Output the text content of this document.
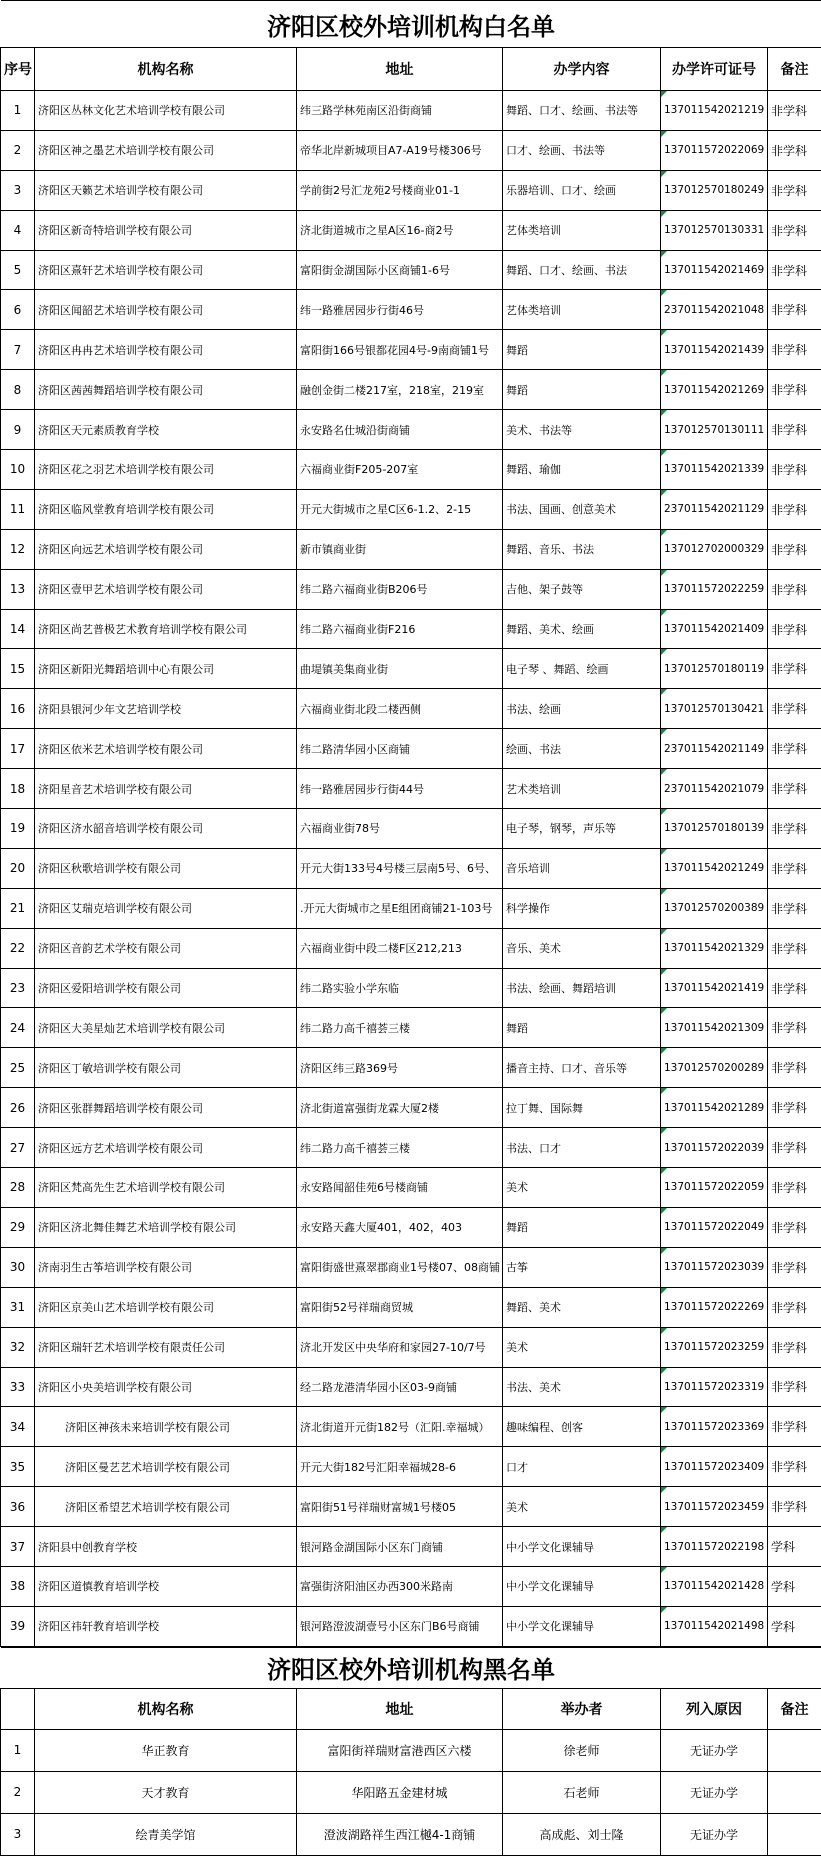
济阳区校外培训机构白名单					
序号	机构名称	地址	办学内容	办学许可证号	备注
1	济阳区丛林文化艺术培训学校有限公司	纬三路学林苑南区沿街商铺	舞蹈、口才、绘画、书法等	137011542021219	非学科
2	济阳区神之墨艺术培训学校有限公司	帝华北岸新城项目A7-A19号楼306号	口才、绘画、书法等	137011572022069	非学科
3	济阳区天籁艺术培训学校有限公司	学前街2号汇龙苑2号楼商业01-1	乐器培训、口才、绘画	137012570180249	非学科
4	济阳区新奇特培训学校有限公司	济北街道城市之星A区16-商2号	艺体类培训	137012570130331	非学科
5	济阳区熹轩艺术培训学校有限公司	富阳街金湖国际小区商铺1-6号	舞蹈、口才、绘画、书法	137011542021469	非学科
6	济阳区闻韶艺术培训学校有限公司	纬一路雅居园步行街46号	艺体类培训	237011542021048	非学科
7	济阳区冉冉艺术培训学校有限公司	富阳街166号银都花园4号-9南商铺1号	舞蹈	137011542021439	非学科
8	济阳区茜茜舞蹈培训学校有限公司	融创金街二楼217室，218室，219室	舞蹈	137011542021269	非学科
9	济阳区天元素质教育学校	永安路名仕城沿街商铺	美术、书法等	137012570130111	非学科
10	济阳区花之羽艺术培训学校有限公司	六福商业街F205-207室	舞蹈、瑜伽	137011542021339	非学科
11	济阳区临风堂教育培训学校有限公司	开元大街城市之星C区6-1.2、2-15	书法、国画、创意美术	237011542021129	非学科
12	济阳区向远艺术培训学校有限公司	新市镇商业街	舞蹈、音乐、书法	137012702000329	非学科
13	济阳区壹甲艺术培训学校有限公司	纬二路六福商业街B206号	吉他、架子鼓等	137011572022259	非学科
14	济阳区尚艺普极艺术教育培训学校有限公司	纬二路六福商业街F216	舞蹈、美术、绘画	137011542021409	非学科
15	济阳区新阳光舞蹈培训中心有限公司	曲堤镇美集商业街	电子琴 、舞蹈、绘画	137012570180119	非学科
16	济阳县银河少年文艺培训学校	六福商业街北段二楼西侧	书法、绘画	137012570130421	非学科
17	济阳区依米艺术培训学校有限公司	纬二路清华园小区商铺	绘画、书法	237011542021149	非学科
18	济阳星音艺术培训学校有限公司	纬一路雅居园步行街44号	艺术类培训	237011542021079	非学科
19	济阳区济水韶音培训学校有限公司	六福商业街78号	电子琴，钢琴，声乐等	137012570180139	非学科
20	济阳区秋歌培训学校有限公司	开元大街133号4号楼三层南5号、6号、	音乐培训	137011542021249	非学科
21	济阳区艾瑞克培训学校有限公司	.开元大街城市之星E组团商铺21-103号	科学操作	137012570200389	非学科
22	济阳区音韵艺术学校有限公司	六福商业街中段二楼F区212,213	音乐、美术	137011542021329	非学科
23	济阳区爱阳培训学校有限公司	纬二路实验小学东临	书法、绘画、舞蹈培训	137011542021419	非学科
24	济阳区大美星灿艺术培训学校有限公司	纬二路力高千禧荟三楼	舞蹈	137011542021309	非学科
25	济阳区丁敏培训学校有限公司	济阳区纬三路369号	播音主持、口才、音乐等	137012570200289	非学科
26	济阳区张群舞蹈培训学校有限公司	济北街道富强街龙霖大厦2楼	拉丁舞、国际舞	137011542021289	非学科
27	济阳区远方艺术培训学校有限公司	纬二路力高千禧荟三楼	书法、口才	137011572022039	非学科
28	济阳区梵高先生艺术培训学校有限公司	永安路闻韶佳苑6号楼商铺	美术	137011572022059	非学科
29	济阳区济北舞佳舞艺术培训学校有限公司	永安路天鑫大厦401，402，403	舞蹈	137011572022049	非学科
30	济南羽生古筝培训学校有限公司	富阳街盛世熹翠郡商业1号楼07、08商铺	古筝	137011572023039	非学科
31	济阳区京美山艺术培训学校有限公司	富阳街52号祥瑞商贸城	舞蹈、美术	137011572022269	非学科
32	济阳区瑞轩艺术培训学校有限责任公司	济北开发区中央华府和家园27-10/7号	美术	137011572023259	非学科
33	济阳区小央美培训学校有限公司	经二路龙港清华园小区03-9商铺	书法、美术	137011572023319	非学科
34	济阳区神孩未来培训学校有限公司	济北街道开元街182号（汇阳.幸福城）	趣味编程、创客	137011572023369	非学科
35	济阳区曼艺艺术培训学校有限公司	开元大街182号汇阳幸福城28-6	口才	137011572023409	非学科
36	济阳区希望艺术培训学校有限公司	富阳街51号祥瑞财富城1号楼05	美术	137011572023459	非学科
37	济阳县中创教育学校	银河路金湖国际小区东门商铺	中小学文化课辅导	137011572022198	学科
38	济阳区道慎教育培训学校	富强街济阳油区办西300米路南	中小学文化课辅导	137011542021428	学科
39	济阳区祎轩教育培训学校	银河路澄波湖壹号小区东门B6号商铺	中小学文化课辅导	137011542021498	学科
济阳区校外培训机构黑名单					
	机构名称	地址	举办者	列入原因	备注
1	华正教育	富阳街祥瑞财富港西区六楼	徐老师	无证办学	
2	天才教育	华阳路五金建材城	石老师	无证办学	
3	绘青美学馆	澄波湖路祥生西江樾4-1商铺	高成彪、刘士隆	无证办学	
